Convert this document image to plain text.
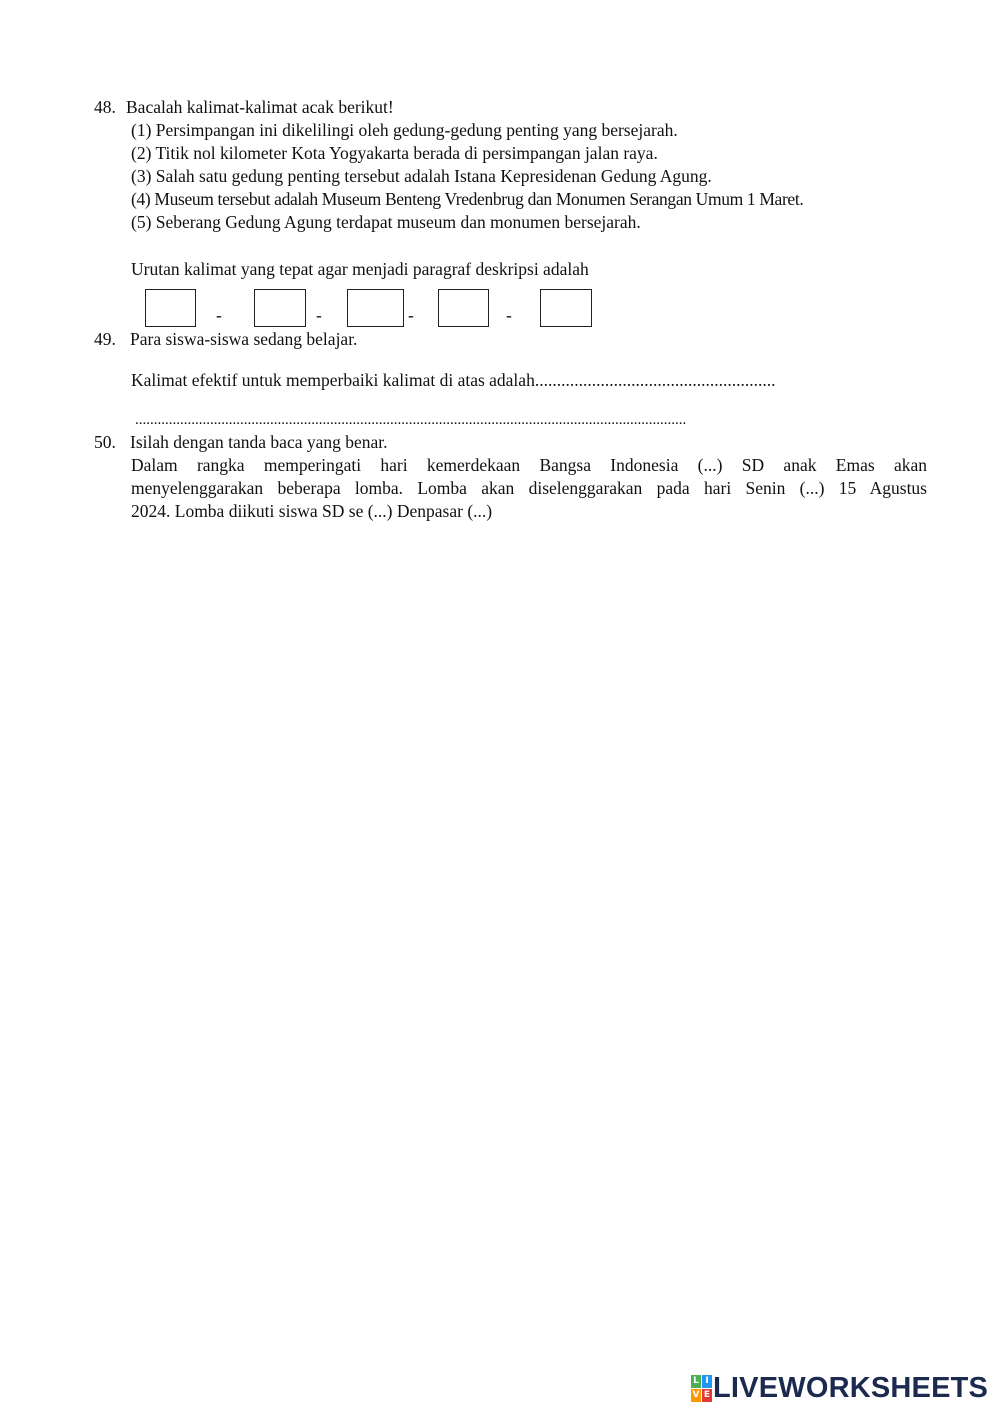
48. Bacalah kalimat-kalimat acak berikut!
(1) Persimpangan ini dikelilingi oleh gedung-gedung penting yang bersejarah.
(2) Titik nol kilometer Kota Yogyakarta berada di persimpangan jalan raya.
(3) Salah satu gedung penting tersebut adalah Istana Kepresidenan Gedung Agung.
(4) Museum tersebut adalah Museum Benteng Vredenbrug dan Monumen Serangan Umum 1 Maret.
(5) Seberang Gedung Agung terdapat museum dan monumen bersejarah.
Urutan kalimat yang tepat agar menjadi paragraf deskripsi adalah
-	-	-	-
49. Para siswa-siswa sedang belajar.
Kalimat efektif untuk memperbaiki kalimat di atas adalah.......................................................
...................................................................................................................................................
50. Isilah dengan tanda baca yang benar.
Dalam rangka memperingati hari kemerdekaan Bangsa Indonesia (...) SD anak Emas akan
menyelenggarakan beberapa lomba. Lomba akan diselenggarakan pada hari Senin (...) 15 Agustus
2024. Lomba diikuti siswa SD se (...) Denpasar (...)
L I
V E LIVEWORKSHEETS
